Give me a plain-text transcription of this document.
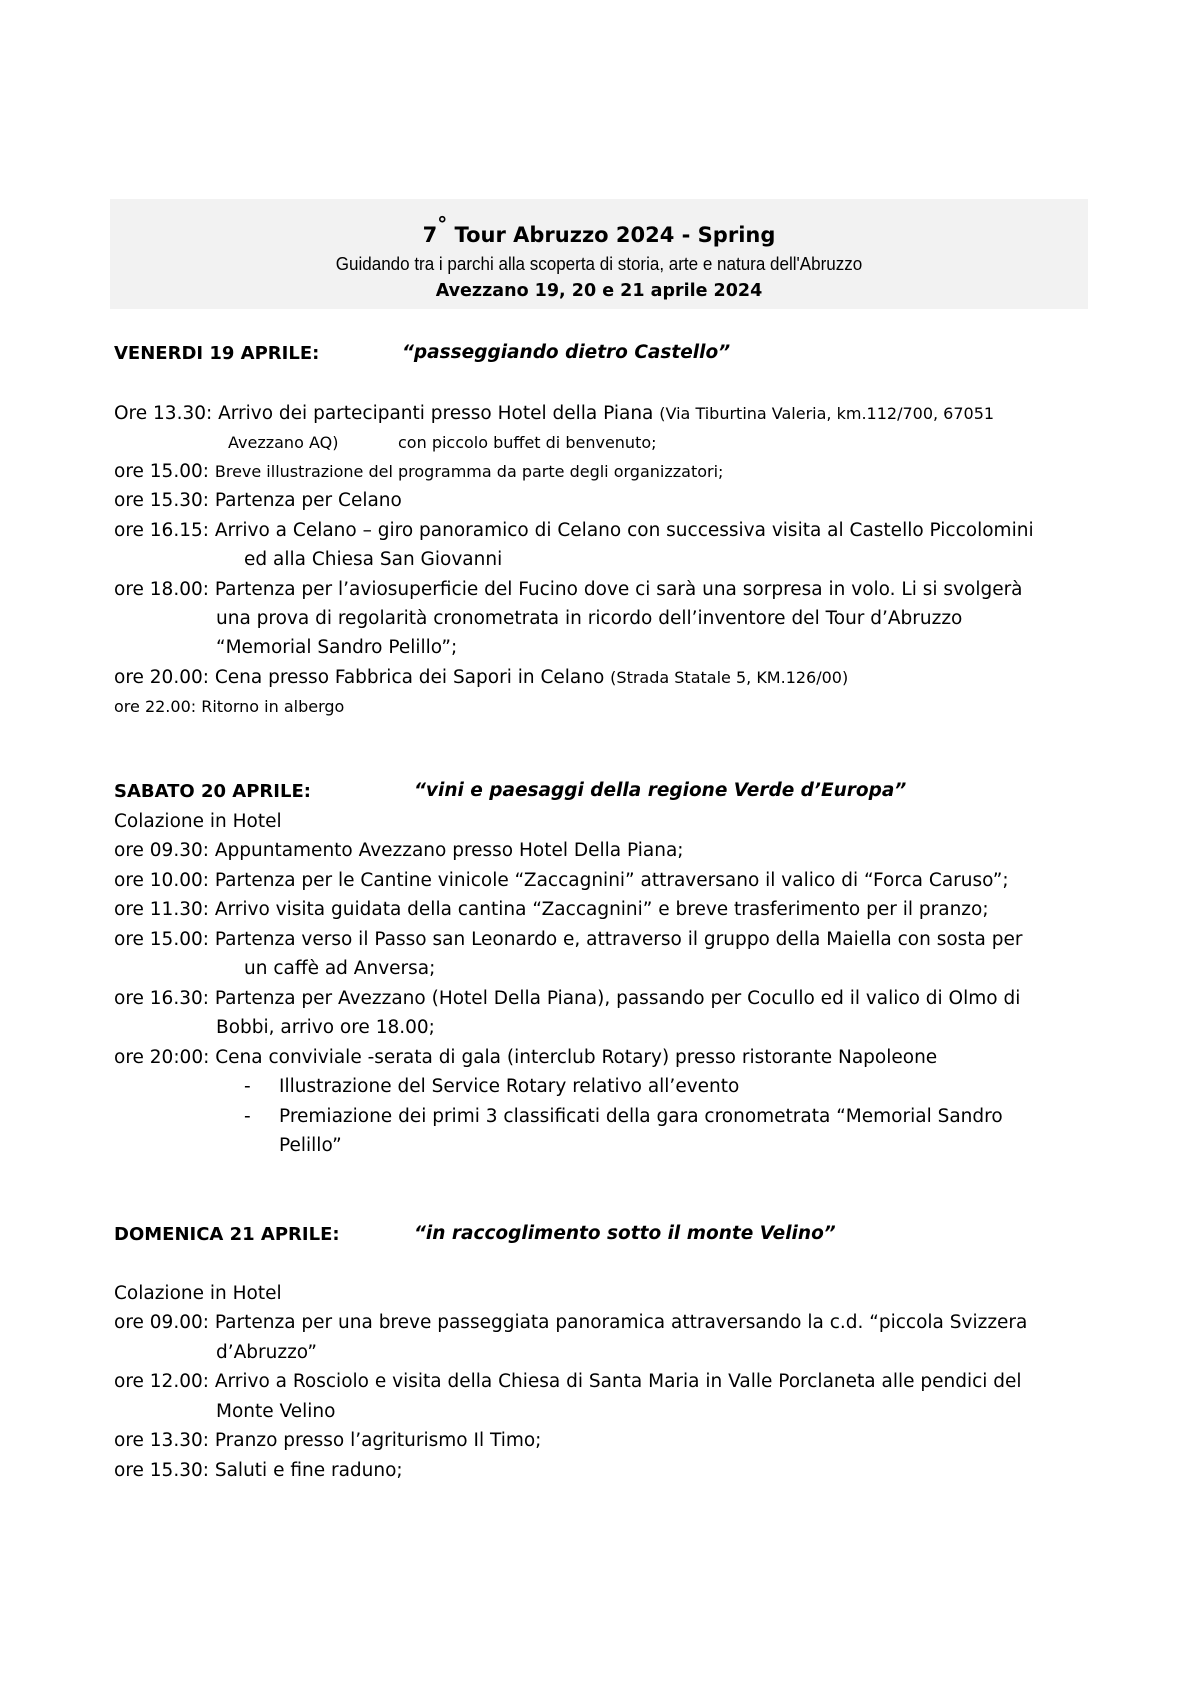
7° Tour Abruzzo 2024 - Spring
Guidando tra i parchi alla scoperta di storia, arte e natura dell'Abruzzo
Avezzano 19, 20 e 21 aprile 2024
VENERDI 19 APRILE:	“passeggiando dietro Castello”
Ore 13.30: Arrivo dei partecipanti presso Hotel della Piana (Via Tiburtina Valeria, km.112/700, 67051
Avezzano AQ)	con piccolo buffet di benvenuto;
ore 15.00: Breve illustrazione del programma da parte degli organizzatori;
ore 15.30: Partenza per Celano
ore 16.15: Arrivo a Celano – giro panoramico di Celano con successiva visita al Castello Piccolomini
ed alla Chiesa San Giovanni
ore 18.00: Partenza per l’aviosuperficie del Fucino dove ci sarà una sorpresa in volo. Li si svolgerà
una prova di regolarità cronometrata in ricordo dell’inventore del Tour d’Abruzzo
“Memorial Sandro Pelillo”;
ore 20.00: Cena presso Fabbrica dei Sapori in Celano (Strada Statale 5, KM.126/00)
ore 22.00: Ritorno in albergo
SABATO 20 APRILE:	“vini e paesaggi della regione Verde d’Europa”
Colazione in Hotel
ore 09.30: Appuntamento Avezzano presso Hotel Della Piana;
ore 10.00: Partenza per le Cantine vinicole “Zaccagnini” attraversano il valico di “Forca Caruso”;
ore 11.30: Arrivo visita guidata della cantina “Zaccagnini” e breve trasferimento per il pranzo;
ore 15.00: Partenza verso il Passo san Leonardo e, attraverso il gruppo della Maiella con sosta per
un caffè ad Anversa;
ore 16.30: Partenza per Avezzano (Hotel Della Piana), passando per Cocullo ed il valico di Olmo di
Bobbi, arrivo ore 18.00;
ore 20:00: Cena conviviale -serata di gala (interclub Rotary) presso ristorante Napoleone
- Illustrazione del Service Rotary relativo all’evento
- Premiazione dei primi 3 classificati della gara cronometrata “Memorial Sandro
Pelillo”
DOMENICA 21 APRILE:	“in raccoglimento sotto il monte Velino”
Colazione in Hotel
ore 09.00: Partenza per una breve passeggiata panoramica attraversando la c.d. “piccola Svizzera
d’Abruzzo”
ore 12.00: Arrivo a Rosciolo e visita della Chiesa di Santa Maria in Valle Porclaneta alle pendici del
Monte Velino
ore 13.30: Pranzo presso l’agriturismo Il Timo;
ore 15.30: Saluti e fine raduno;
